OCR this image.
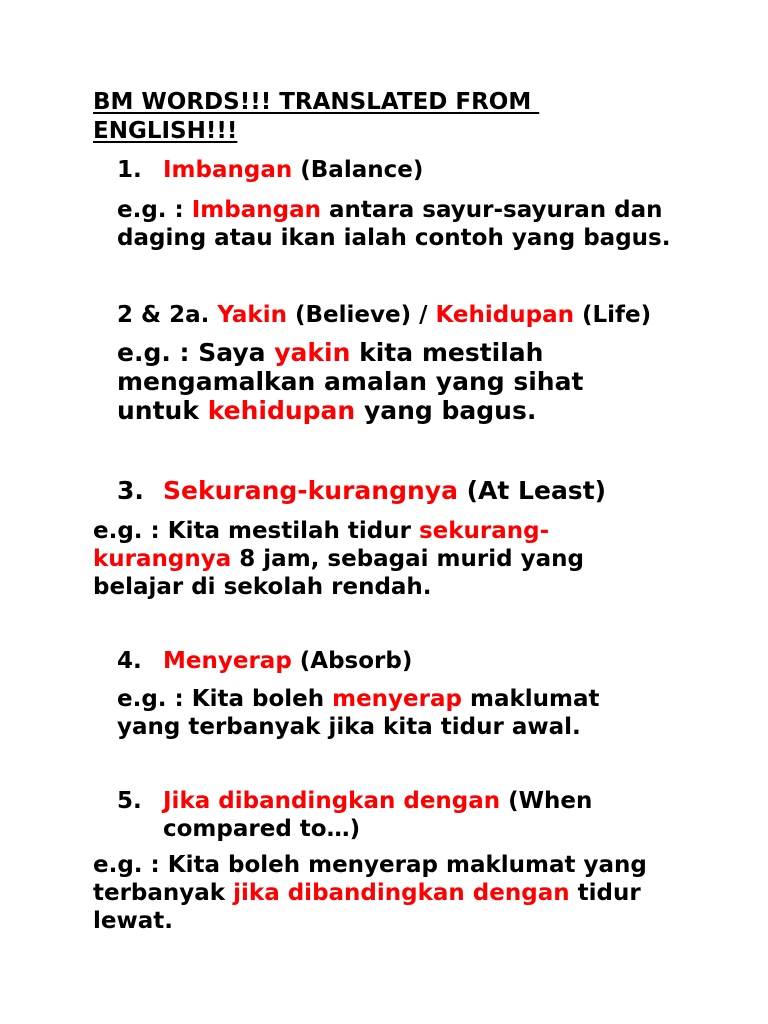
BM WORDS!!! TRANSLATED FROM
ENGLISH!!!
1. Imbangan (Balance)
e.g. : Imbangan antara sayur-sayuran dan
daging atau ikan ialah contoh yang bagus.
2 & 2a. Yakin (Believe) / Kehidupan (Life)
e.g. : Saya yakin kita mestilah
mengamalkan amalan yang sihat
untuk kehidupan yang bagus.
3. Sekurang-kurangnya (At Least)
e.g. : Kita mestilah tidur sekurang-
kurangnya 8 jam, sebagai murid yang
belajar di sekolah rendah.
4. Menyerap (Absorb)
e.g. : Kita boleh menyerap maklumat
yang terbanyak jika kita tidur awal.
5. Jika dibandingkan dengan (When
compared to…)
e.g. : Kita boleh menyerap maklumat yang
terbanyak jika dibandingkan dengan tidur
lewat.
